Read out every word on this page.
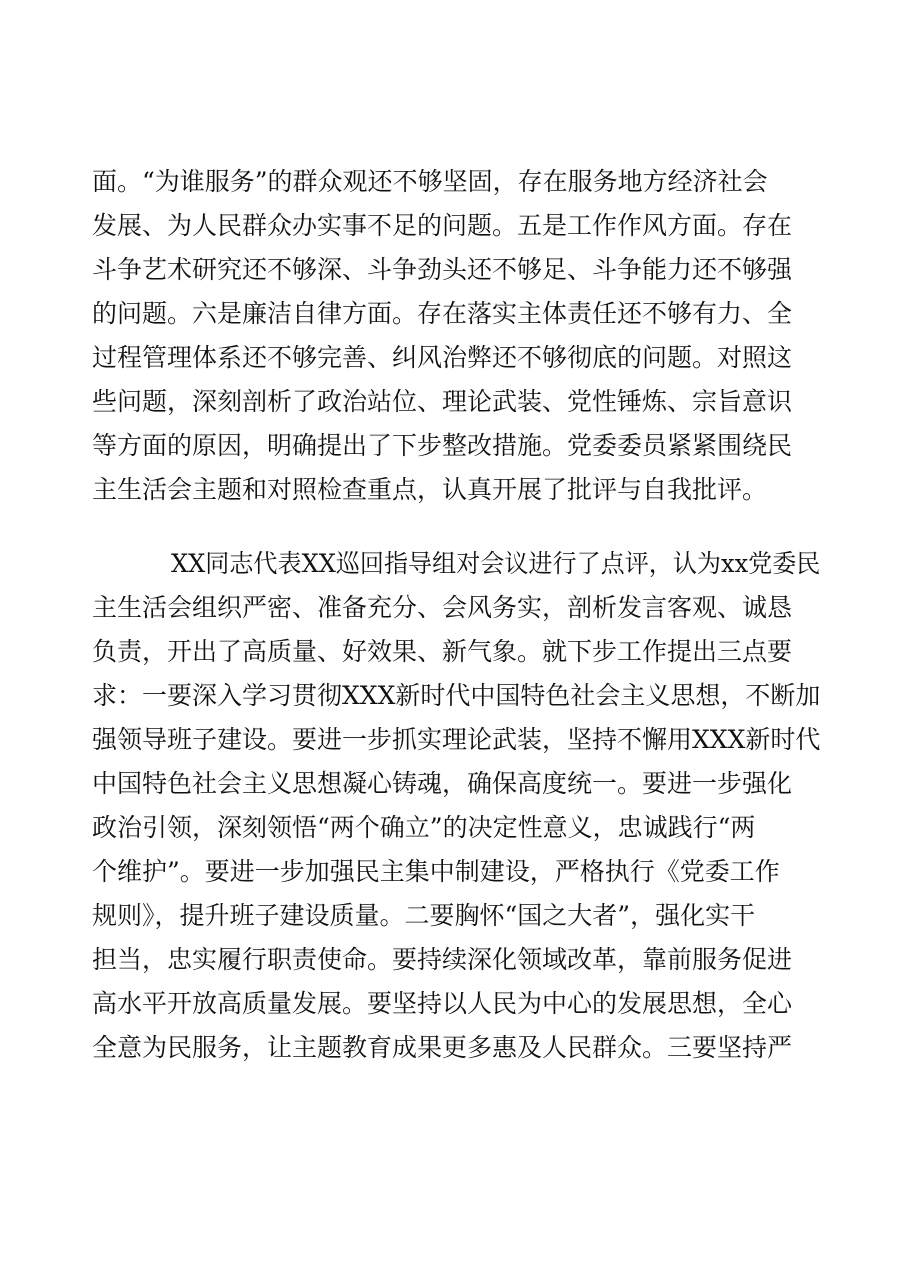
面。“为谁服务”的群众观还不够坚固，存在服务地方经济社会
发展、为人民群众办实事不足的问题。五是工作作风方面。存在
斗争艺术研究还不够深、斗争劲头还不够足、斗争能力还不够强
的问题。六是廉洁自律方面。存在落实主体责任还不够有力、全
过程管理体系还不够完善、纠风治弊还不够彻底的问题。对照这
些问题，深刻剖析了政治站位、理论武装、党性锤炼、宗旨意识
等方面的原因，明确提出了下步整改措施。党委委员紧紧围绕民
主生活会主题和对照检查重点，认真开展了批评与自我批评。
XX同志代表XX巡回指导组对会议进行了点评，认为xx党委民
主生活会组织严密、准备充分、会风务实，剖析发言客观、诚恳
负责，开出了高质量、好效果、新气象。就下步工作提出三点要
求：一要深入学习贯彻XXX新时代中国特色社会主义思想，不断加
强领导班子建设。要进一步抓实理论武装，坚持不懈用XXX新时代
中国特色社会主义思想凝心铸魂，确保高度统一。要进一步强化
政治引领，深刻领悟“两个确立”的决定性意义，忠诚践行“两
个维护”。要进一步加强民主集中制建设，严格执行《党委工作
规则》，提升班子建设质量。二要胸怀“国之大者”，强化实干
担当，忠实履行职责使命。要持续深化领域改革，靠前服务促进
高水平开放高质量发展。要坚持以人民为中心的发展思想，全心
全意为民服务，让主题教育成果更多惠及人民群众。三要坚持严
